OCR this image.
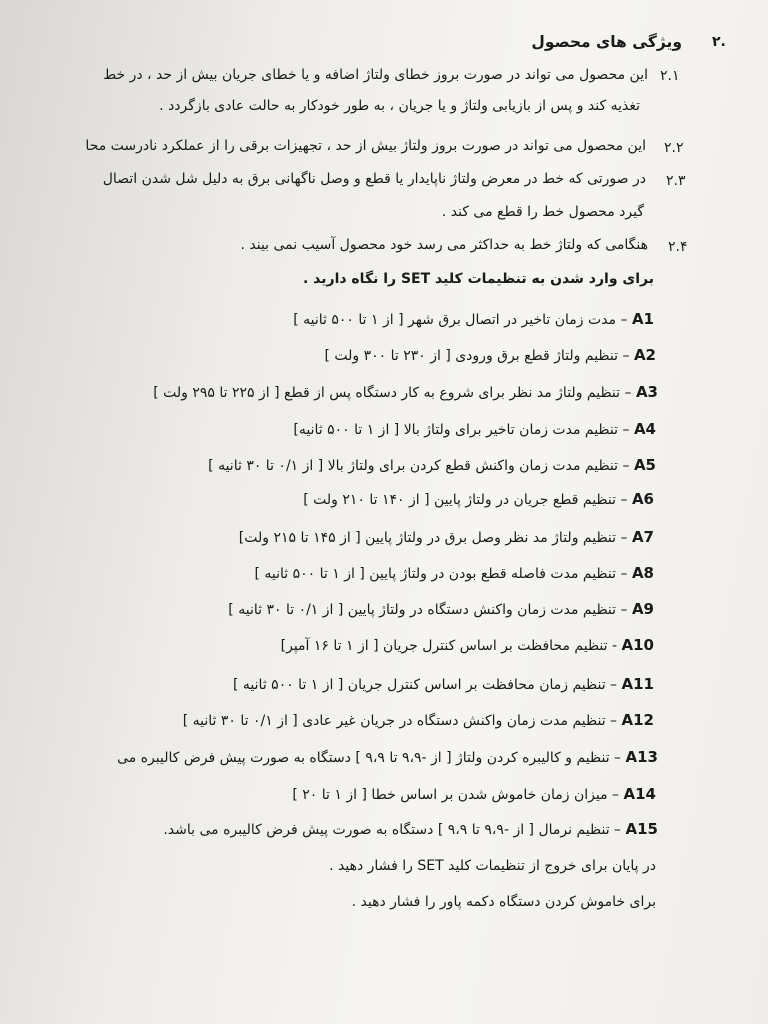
۲.
ویژگی های محصول
۲.۱
این محصول می تواند در صورت بروز خطای ولتاژ اضافه و یا خطای جریان بیش از حد ، در خط
تغذیه کند و پس از بازیابی ولتاژ و یا جریان ، به طور خودکار به حالت عادی بازگردد .
۲.۲
این محصول می تواند در صورت بروز ولتاژ بیش از حد ، تجهیزات برقی را از عملکرد نادرست محا
۲.۳
در صورتی که خط در معرض ولتاژ ناپایدار یا قطع و وصل ناگهانی برق به دلیل شل شدن اتصال
گیرد محصول خط را قطع می کند .
۲.۴
هنگامی که ولتاژ خط به حداکثر می رسد خود محصول آسیب نمی بیند .
برای وارد شدن به تنظیمات کلید SET را نگاه دارید .
A1 – مدت زمان تاخیر در اتصال برق شهر [ از ۱ تا ۵۰۰ ثانیه ]
A2 – تنظیم ولتاژ قطع برق ورودی [ از ۲۳۰ تا ۳۰۰ ولت ]
A3 – تنظیم ولتاژ مد نظر برای شروع به کار دستگاه پس از قطع [ از ۲۲۵ تا ۲۹۵ ولت ]
A4 – تنظیم مدت زمان تاخیر برای ولتاژ بالا [ از ۱ تا ۵۰۰ ثانیه]
A5 – تنظیم مدت زمان واکنش قطع کردن برای ولتاژ بالا [ از ۰/۱ تا ۳۰ ثانیه ]
A6 – تنظیم قطع جریان در ولتاژ پایین [ از ۱۴۰ تا ۲۱۰ ولت ]
A7 – تنظیم ولتاژ مد نظر وصل برق در ولتاژ پایین [ از ۱۴۵ تا ۲۱۵ ولت]
A8 – تنظیم مدت فاصله قطع بودن در ولتاژ پایین [ از ۱ تا ۵۰۰ ثانیه ]
A9 – تنظیم مدت زمان واکنش دستگاه در ولتاژ پایین [ از ۰/۱ تا ۳۰ ثانیه ]
A10 - تنظیم محافظت بر اساس کنترل جریان [ از ۱ تا ۱۶ آمپر]
A11 – تنظیم زمان محافظت بر اساس کنترل جریان [ از ۱ تا ۵۰۰ ثانیه ]
A12 – تنظیم مدت زمان واکنش دستگاه در جریان غیر عادی [ از ۰/۱ تا ۳۰ ثانیه ]
A13 – تنظیم و کالیبره کردن ولتاژ [ از -۹،۹ تا ۹،۹ ] دستگاه به صورت پیش فرض کالیبره می
A14 – میزان زمان خاموش شدن بر اساس خطا [ از ۱ تا ۲۰ ]
A15 – تنظیم نرمال [ از -۹،۹ تا ۹،۹ ] دستگاه به صورت پیش فرض کالیبره می باشد.
در پایان برای خروج از تنظیمات کلید SET را فشار دهید .
برای خاموش کردن دستگاه دکمه پاور را فشار دهید .
